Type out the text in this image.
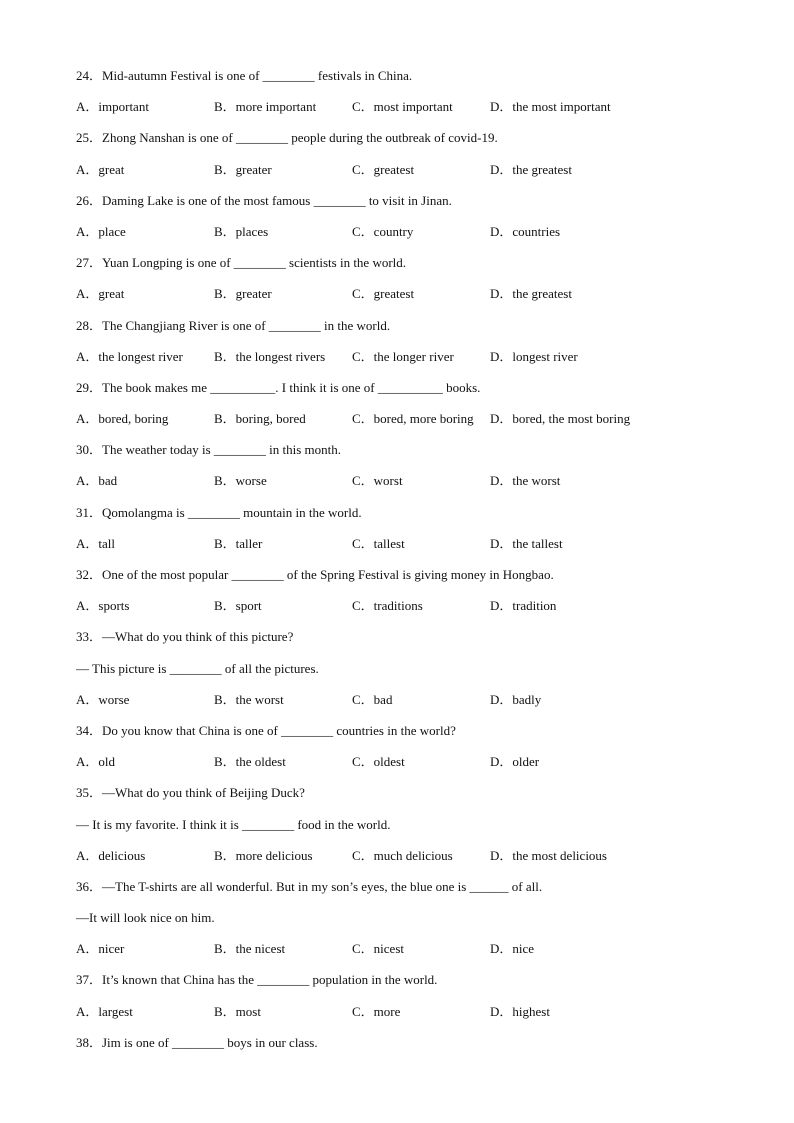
24．Mid-autumn Festival is one of ________ festivals in China.
A．important	B．more important	C．most important	D．the most important
25．Zhong Nanshan is one of ________ people during the outbreak of covid-19.
A．great	B．greater	C．greatest	D．the greatest
26．Daming Lake is one of the most famous ________ to visit in Jinan.
A．place	B．places	C．country	D．countries
27．Yuan Longping is one of ________ scientists in the world.
A．great	B．greater	C．greatest	D．the greatest
28．The Changjiang River is one of ________ in the world.
A．the longest river B．the longest rivers C．the longer river	D．longest river
29．The book makes me __________. I think it is one of __________ books.
A．bored, boring	B．boring, bored	C．bored, more boring D．bored, the most boring
30．The weather today is ________ in this month.
A．bad	B．worse	C．worst	D．the worst
31．Qomolangma is ________ mountain in the world.
A．tall	B．taller	C．tallest	D．the tallest
32．One of the most popular ________ of the Spring Festival is giving money in Hongbao.
A．sports	B．sport	C．traditions	D．tradition
33．—What do you think of this picture?
— This picture is ________ of all the pictures.
A．worse	B．the worst	C．bad	D．badly
34．Do you know that China is one of ________ countries in the world?
A．old	B．the oldest	C．oldest	D．older
35．—What do you think of Beijing Duck?
— It is my favorite. I think it is ________ food in the world.
A．delicious	B．more delicious	C．much delicious	D．the most delicious
36．—The T-shirts are all wonderful. But in my son’s eyes, the blue one is ______ of all.
—It will look nice on him.
A．nicer	B．the nicest	C．nicest	D．nice
37．It’s known that China has the ________ population in the world.
A．largest	B．most	C．more	D．highest
38．Jim is one of ________ boys in our class.
